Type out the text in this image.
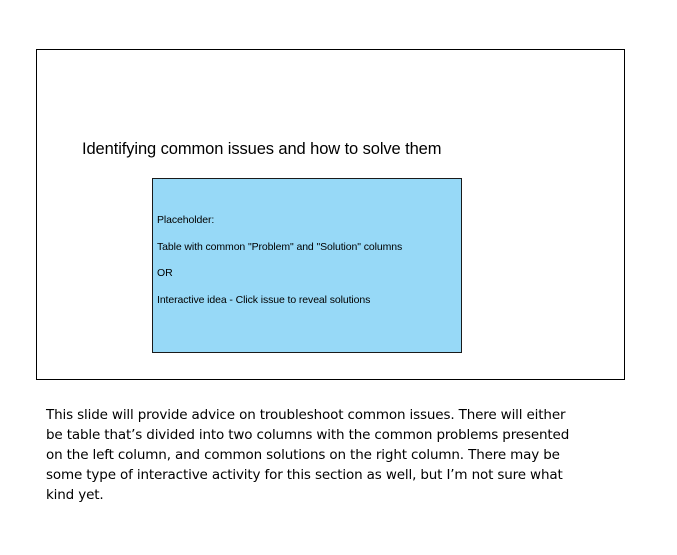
Identifying common issues and how to solve them
Placeholder:
Table with common "Problem" and "Solution" columns
OR
Interactive idea - Click issue to reveal solutions
This slide will provide advice on troubleshoot common issues. There will either
be table that’s divided into two columns with the common problems presented
on the left column, and common solutions on the right column. There may be
some type of interactive activity for this section as well, but I’m not sure what
kind yet.
